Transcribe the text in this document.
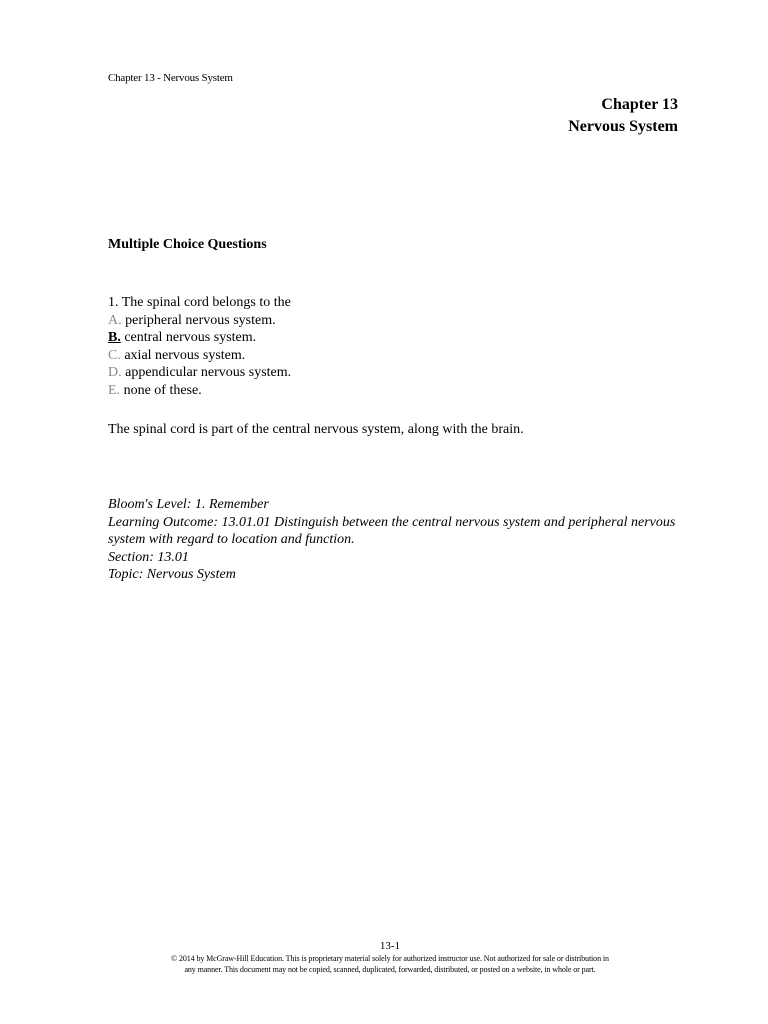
Chapter 13 - Nervous System
Chapter 13
Nervous System
Multiple Choice Questions
1. The spinal cord belongs to the
A. peripheral nervous system.
B. central nervous system.
C. axial nervous system.
D. appendicular nervous system.
E. none of these.
The spinal cord is part of the central nervous system, along with the brain.
Bloom's Level: 1. Remember
Learning Outcome: 13.01.01 Distinguish between the central nervous system and peripheral nervous system with regard to location and function.
Section: 13.01
Topic: Nervous System
13-1
© 2014 by McGraw-Hill Education. This is proprietary material solely for authorized instructor use. Not authorized for sale or distribution in
any manner. This document may not be copied, scanned, duplicated, forwarded, distributed, or posted on a website, in whole or part.
